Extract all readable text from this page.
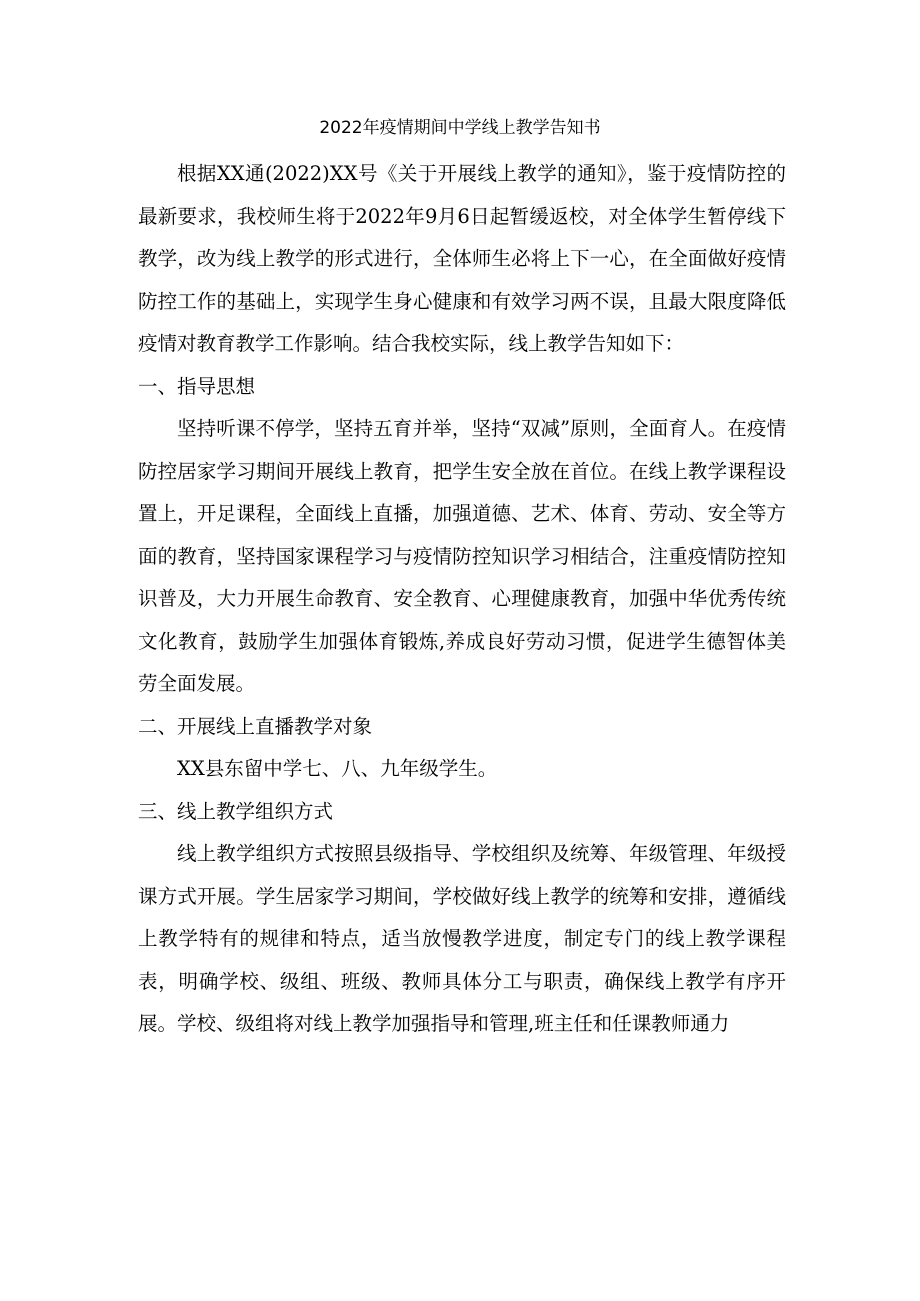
2022年疫情期间中学线上教学告知书

根据XX通(2022)XX号《关于开展线上教学的通知》，鉴于疫情防控的最新要求，我校师生将于2022年9月6日起暂缓返校，对全体学生暂停线下教学，改为线上教学的形式进行，全体师生必将上下一心，在全面做好疫情防控工作的基础上，实现学生身心健康和有效学习两不误，且最大限度降低疫情对教育教学工作影响。结合我校实际，线上教学告知如下：

一、指导思想

坚持听课不停学，坚持五育并举，坚持“双减”原则，全面育人。在疫情防控居家学习期间开展线上教育，把学生安全放在首位。在线上教学课程设置上，开足课程，全面线上直播，加强道德、艺术、体育、劳动、安全等方面的教育，坚持国家课程学习与疫情防控知识学习相结合，注重疫情防控知识普及，大力开展生命教育、安全教育、心理健康教育，加强中华优秀传统文化教育，鼓励学生加强体育锻炼,养成良好劳动习惯，促进学生德智体美劳全面发展。

二、开展线上直播教学对象

XX县东留中学七、八、九年级学生。

三、线上教学组织方式

线上教学组织方式按照县级指导、学校组织及统筹、年级管理、年级授课方式开展。学生居家学习期间，学校做好线上教学的统筹和安排，遵循线上教学特有的规律和特点，适当放慢教学进度，制定专门的线上教学课程表，明确学校、级组、班级、教师具体分工与职责，确保线上教学有序开展。学校、级组将对线上教学加强指导和管理,班主任和任课教师通力
